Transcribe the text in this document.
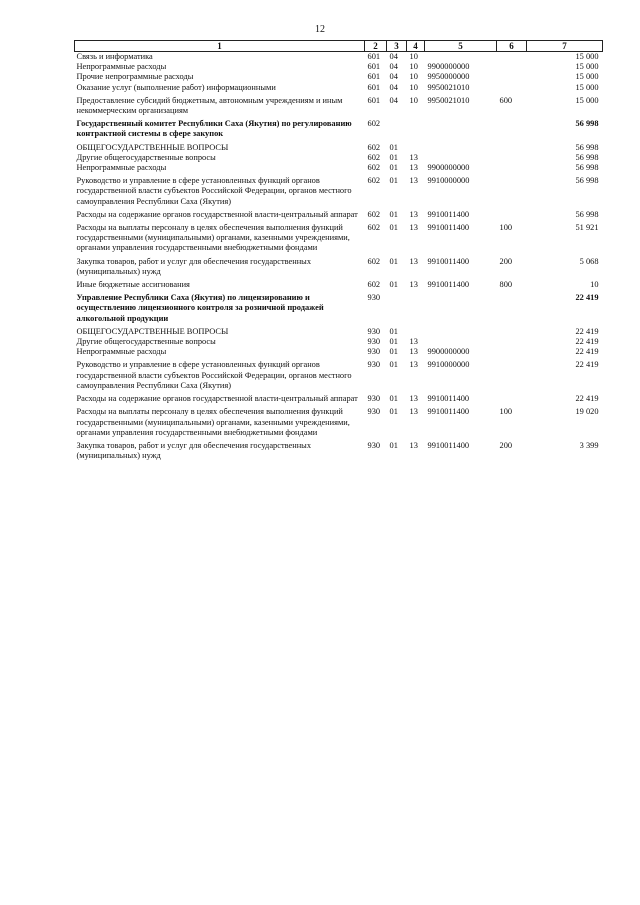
12
1	2	3	4	5	6	7
Связь и информатика	601	04	10			15 000
Непрограммные расходы	601	04	10	9900000000		15 000
Прочие непрограммные расходы	601	04	10	9950000000		15 000
Оказание услуг (выполнение работ) информационными	601	04	10	9950021010		15 000
Предоставление субсидий бюджетным, автономным учреждениям и иным некоммерческим организациям	601	04	10	9950021010	600	15 000
Государственный комитет Республики Саха (Якутия) по регулированию контрактной системы в сфере закупок	602					56 998
ОБЩЕГОСУДАРСТВЕННЫЕ ВОПРОСЫ	602	01				56 998
Другие общегосударственные вопросы	602	01	13			56 998
Непрограммные расходы	602	01	13	9900000000		56 998
Руководство и управление в сфере установленных функций органов государственной власти субъектов Российской Федерации, органов местного самоуправления Республики Саха (Якутия)	602	01	13	9910000000		56 998
Расходы на содержание органов государственной власти-центральный аппарат	602	01	13	9910011400		56 998
Расходы на выплаты персоналу в целях обеспечения выполнения функций государственными (муниципальными) органами, казенными учреждениями, органами управления государственными внебюджетными фондами	602	01	13	9910011400	100	51 921
Закупка товаров, работ и услуг для обеспечения государственных (муниципальных) нужд	602	01	13	9910011400	200	5 068
Иные бюджетные ассигнования	602	01	13	9910011400	800	10
Управление Республики Саха (Якутия) по лицензированию и осуществлению лицензионного контроля за розничной продажей алкогольной продукции	930					22 419
ОБЩЕГОСУДАРСТВЕННЫЕ ВОПРОСЫ	930	01				22 419
Другие общегосударственные вопросы	930	01	13			22 419
Непрограммные расходы	930	01	13	9900000000		22 419
Руководство и управление в сфере установленных функций органов государственной власти субъектов Российской Федерации, органов местного самоуправления Республики Саха (Якутия)	930	01	13	9910000000		22 419
Расходы на содержание органов государственной власти-центральный аппарат	930	01	13	9910011400		22 419
Расходы на выплаты персоналу в целях обеспечения выполнения функций государственными (муниципальными) органами, казенными учреждениями, органами управления государственными внебюджетными фондами	930	01	13	9910011400	100	19 020
Закупка товаров, работ и услуг для обеспечения государственных (муниципальных) нужд	930	01	13	9910011400	200	3 399
